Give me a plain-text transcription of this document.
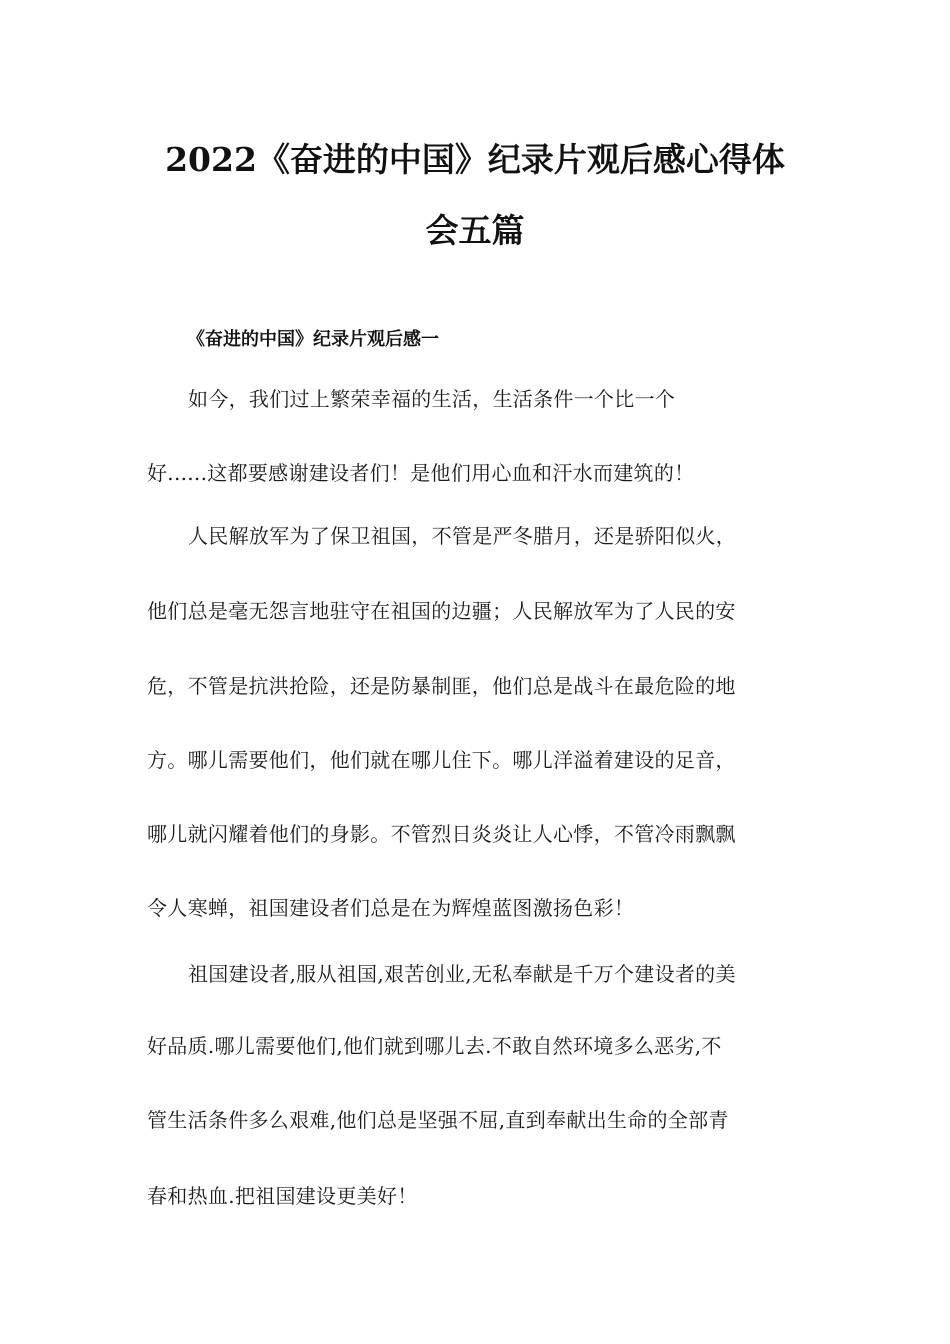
2022《奋进的中国》纪录片观后感心得体
会五篇
《奋进的中国》纪录片观后感一
如今，我们过上繁荣幸福的生活，生活条件一个比一个
好......这都要感谢建设者们！是他们用心血和汗水而建筑的！
人民解放军为了保卫祖国，不管是严冬腊月，还是骄阳似火，
他们总是毫无怨言地驻守在祖国的边疆；人民解放军为了人民的安
危，不管是抗洪抢险，还是防暴制匪，他们总是战斗在最危险的地
方。哪儿需要他们，他们就在哪儿住下。哪儿洋溢着建设的足音，
哪儿就闪耀着他们的身影。不管烈日炎炎让人心悸，不管冷雨飘飘
令人寒蝉，祖国建设者们总是在为辉煌蓝图激扬色彩！
祖国建设者,服从祖国,艰苦创业,无私奉献是千万个建设者的美
好品质.哪儿需要他们,他们就到哪儿去.不敢自然环境多么恶劣,不
管生活条件多么艰难,他们总是坚强不屈,直到奉献出生命的全部青
春和热血.把祖国建设更美好！
